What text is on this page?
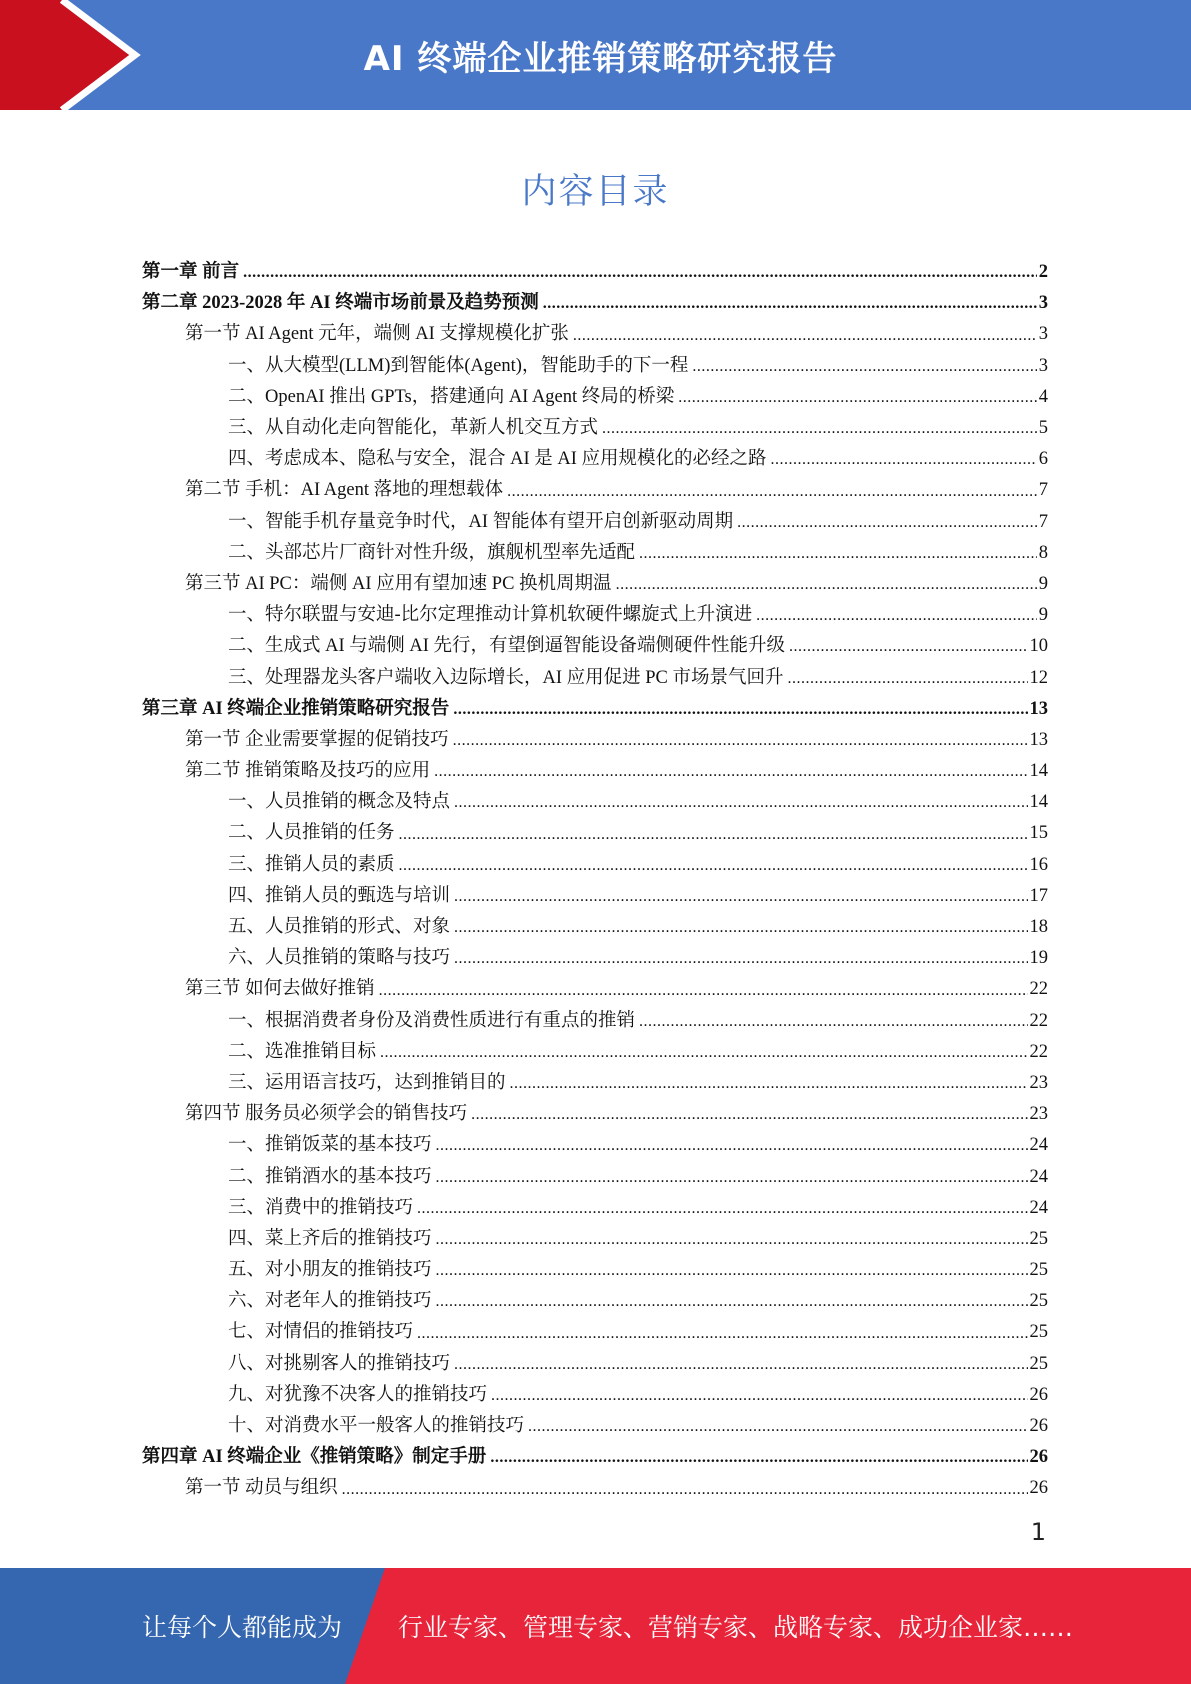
AI 终端企业推销策略研究报告
内容目录
第一章 前言 .....	2
第二章 2023-2028 年 AI 终端市场前景及趋势预测 .....	3
第一节 AI Agent 元年，端侧 AI 支撑规模化扩张 .....	3
一、从大模型(LLM)到智能体(Agent)，智能助手的下一程 .....	3
二、OpenAI 推出 GPTs，搭建通向 AI Agent 终局的桥梁 .....	4
三、从自动化走向智能化，革新人机交互方式 .....	5
四、考虑成本、隐私与安全，混合 AI 是 AI 应用规模化的必经之路 .....	6
第二节 手机：AI Agent 落地的理想载体 .....	7
一、智能手机存量竞争时代，AI 智能体有望开启创新驱动周期 .....	7
二、头部芯片厂商针对性升级，旗舰机型率先适配 .....	8
第三节 AI PC：端侧 AI 应用有望加速 PC 换机周期温 .....	9
一、特尔联盟与安迪-比尔定理推动计算机软硬件螺旋式上升演进 .....	9
二、生成式 AI 与端侧 AI 先行，有望倒逼智能设备端侧硬件性能升级 .....	10
三、处理器龙头客户端收入边际增长，AI 应用促进 PC 市场景气回升 .....	12
第三章 AI 终端企业推销策略研究报告 .....	13
第一节 企业需要掌握的促销技巧 .....	13
第二节 推销策略及技巧的应用 .....	14
一、人员推销的概念及特点 .....	14
二、人员推销的任务 .....	15
三、推销人员的素质 .....	16
四、推销人员的甄选与培训 .....	17
五、人员推销的形式、对象 .....	18
六、人员推销的策略与技巧 .....	19
第三节 如何去做好推销 .....	22
一、根据消费者身份及消费性质进行有重点的推销 .....	22
二、选准推销目标 .....	22
三、运用语言技巧，达到推销目的 .....	23
第四节 服务员必须学会的销售技巧 .....	23
一、推销饭菜的基本技巧 .....	24
二、推销酒水的基本技巧 .....	24
三、消费中的推销技巧 .....	24
四、菜上齐后的推销技巧 .....	25
五、对小朋友的推销技巧 .....	25
六、对老年人的推销技巧 .....	25
七、对情侣的推销技巧 .....	25
八、对挑剔客人的推销技巧 .....	25
九、对犹豫不决客人的推销技巧 .....	26
十、对消费水平一般客人的推销技巧 .....	26
第四章 AI 终端企业《推销策略》制定手册 .....	26
第一节 动员与组织 .....	26
1
让每个人都能成为 行业专家、管理专家、营销专家、战略专家、成功企业家……
